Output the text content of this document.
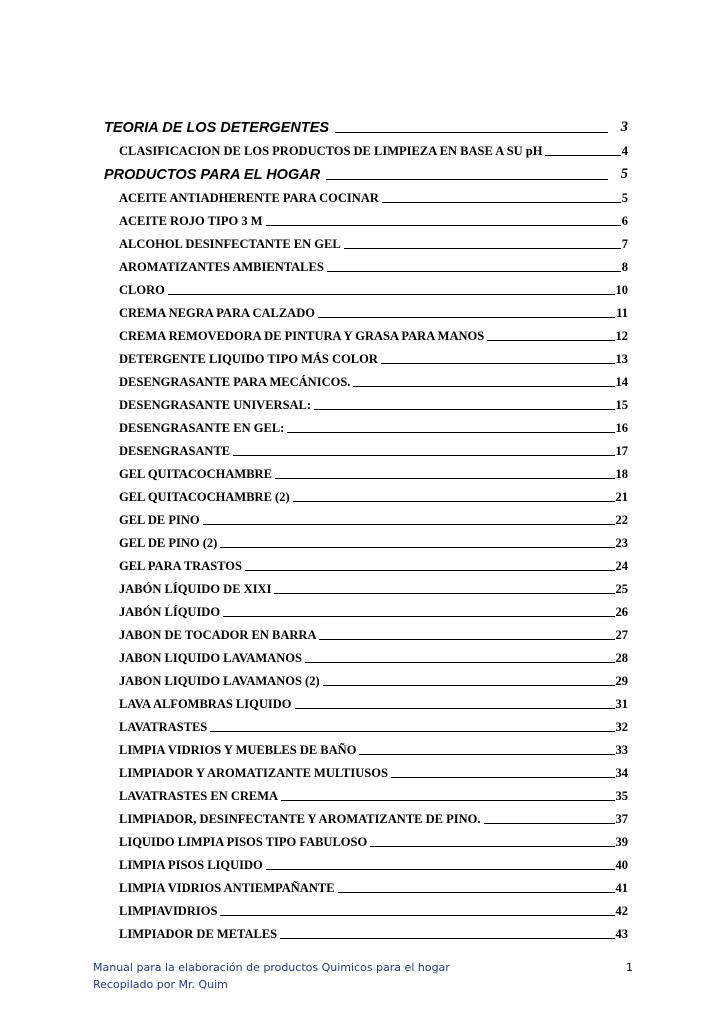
TEORIA DE LOS DETERGENTES	3
CLASIFICACION DE LOS PRODUCTOS DE LIMPIEZA EN BASE A SU pH	4
PRODUCTOS PARA EL HOGAR	5
ACEITE ANTIADHERENTE PARA COCINAR	5
ACEITE ROJO TIPO 3 M	6
ALCOHOL DESINFECTANTE EN GEL	7
AROMATIZANTES AMBIENTALES	8
CLORO	10
CREMA NEGRA PARA CALZADO	11
CREMA REMOVEDORA DE PINTURA Y GRASA PARA MANOS	12
DETERGENTE LIQUIDO TIPO MÁS COLOR	13
DESENGRASANTE PARA MECÁNICOS.	14
DESENGRASANTE UNIVERSAL:	15
DESENGRASANTE EN GEL:	16
DESENGRASANTE	17
GEL QUITACOCHAMBRE	18
GEL QUITACOCHAMBRE (2)	21
GEL DE PINO	22
GEL DE PINO (2)	23
GEL PARA TRASTOS	24
JABÓN LÍQUIDO DE XIXI	25
JABÓN LÍQUIDO	26
JABON DE TOCADOR EN BARRA	27
JABON LIQUIDO LAVAMANOS	28
JABON LIQUIDO LAVAMANOS (2)	29
LAVA ALFOMBRAS LIQUIDO	31
LAVATRASTES	32
LIMPIA VIDRIOS Y MUEBLES DE BAÑO	33
LIMPIADOR Y AROMATIZANTE MULTIUSOS	34
LAVATRASTES EN CREMA	35
LIMPIADOR, DESINFECTANTE Y AROMATIZANTE DE PINO.	37
LIQUIDO LIMPIA PISOS TIPO FABULOSO	39
LIMPIA PISOS LIQUIDO	40
LIMPIA VIDRIOS ANTIEMPAÑANTE	41
LIMPIAVIDRIOS	42
LIMPIADOR DE METALES	43
Manual para la elaboración de productos Quimicos para el hogar
Recopilado por Mr. Quim
1
